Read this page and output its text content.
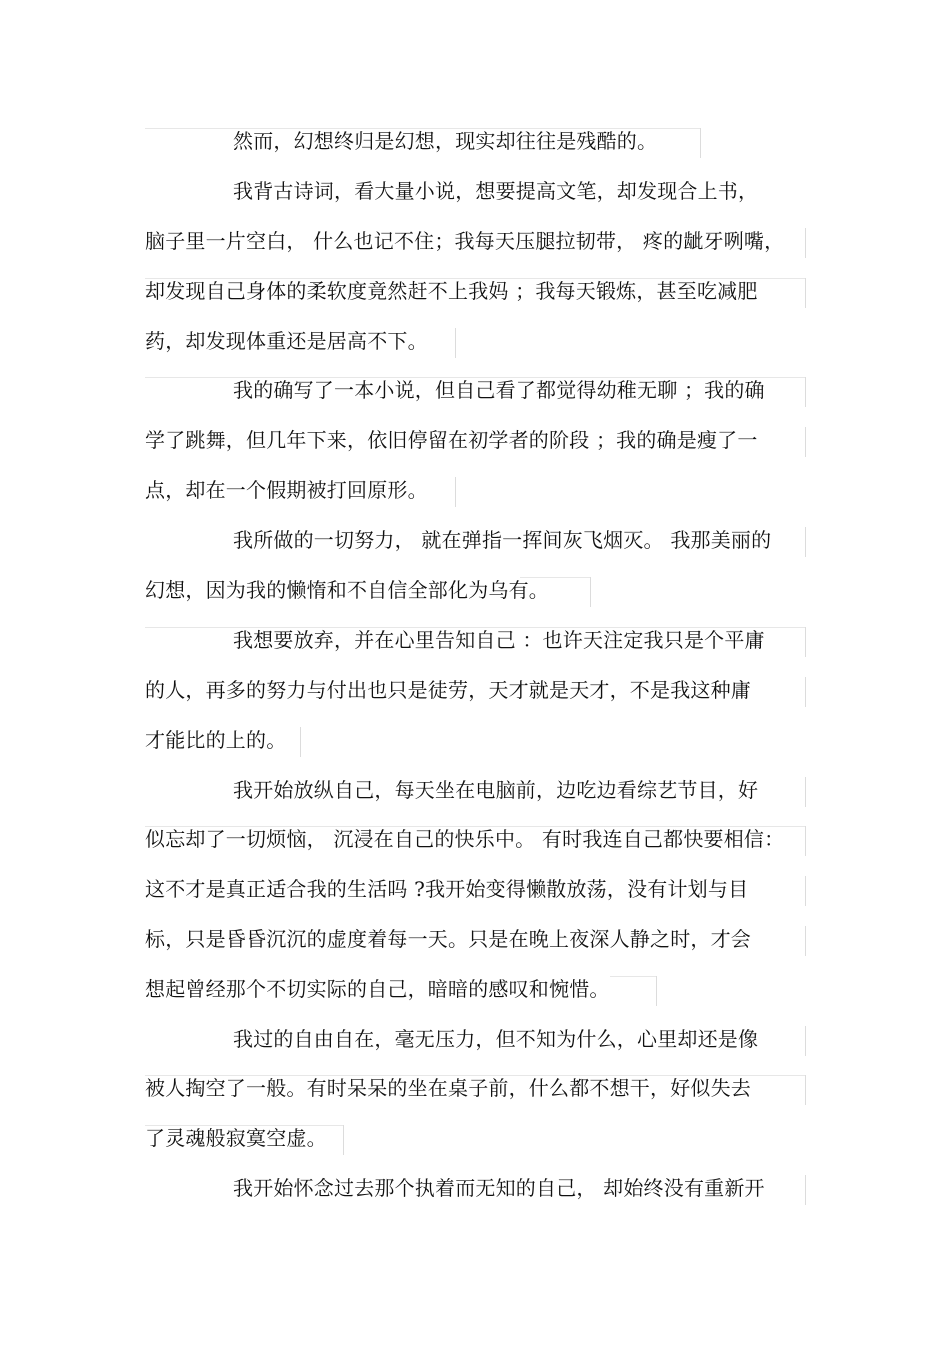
然而，幻想终归是幻想，现实却往往是残酷的。
我背古诗词，看大量小说，想要提高文笔，却发现合上书，
脑子里一片空白， 什么也记不住；我每天压腿拉韧带， 疼的龇牙咧嘴，
却发现自己身体的柔软度竟然赶不上我妈 ；我每天锻炼，甚至吃减肥
药，却发现体重还是居高不下。
我的确写了一本小说，但自己看了都觉得幼稚无聊 ；我的确
学了跳舞，但几年下来，依旧停留在初学者的阶段 ；我的确是瘦了一
点，却在一个假期被打回原形。
我所做的一切努力， 就在弹指一挥间灰飞烟灭。 我那美丽的
幻想，因为我的懒惰和不自信全部化为乌有。
我想要放弃，并在心里告知自己 ：也许天注定我只是个平庸
的人，再多的努力与付出也只是徒劳，天才就是天才，不是我这种庸
才能比的上的。
我开始放纵自己，每天坐在电脑前，边吃边看综艺节目，好
似忘却了一切烦恼， 沉浸在自己的快乐中。 有时我连自己都快要相信：
这不才是真正适合我的生活吗 ?我开始变得懒散放荡，没有计划与目
标，只是昏昏沉沉的虚度着每一天。只是在晚上夜深人静之时，才会
想起曾经那个不切实际的自己，暗暗的感叹和惋惜。
我过的自由自在，毫无压力，但不知为什么，心里却还是像
被人掏空了一般。有时呆呆的坐在桌子前，什么都不想干，好似失去
了灵魂般寂寞空虚。
我开始怀念过去那个执着而无知的自己， 却始终没有重新开
